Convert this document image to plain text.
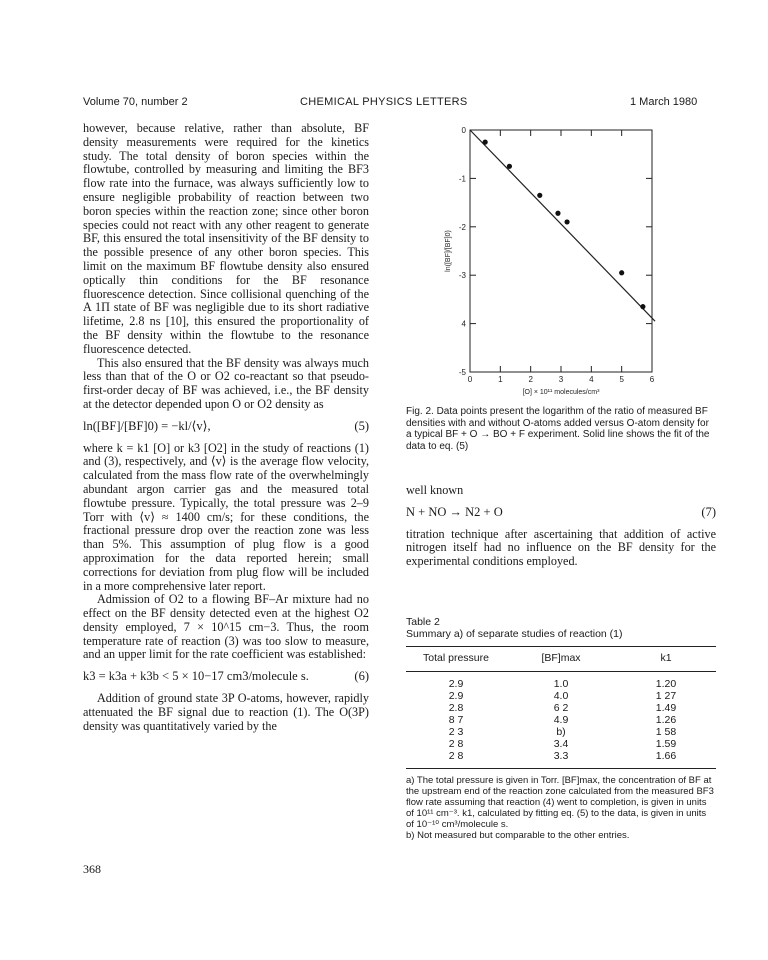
Volume 70, number 2	CHEMICAL PHYSICS LETTERS	1 March 1980

however, because relative, rather than absolute, BF density measurements were required for the kinetics study. The total density of boron species within the flowtube, controlled by measuring and limiting the BF3 flow rate into the furnace, was always sufficiently low to ensure negligible probability of reaction between two boron species within the reaction zone; since other boron species could not react with any other reagent to generate BF, this ensured the total insensitivity of the BF density to the possible presence of any other boron species. This limit on the maximum BF flowtube density also ensured optically thin conditions for the BF resonance fluorescence detection. Since collisional quenching of the A 1Π state of BF was negligible due to its short radiative lifetime, 2.8 ns [10], this ensured the proportionality of the BF density within the flowtube to the resonance fluorescence detected.

This also ensured that the BF density was always much less than that of the O or O2 co-reactant so that pseudo-first-order decay of BF was achieved, i.e., the BF density at the detector depended upon O or O2 density as

ln([BF]/[BF]0) = −kl/⟨v⟩,	(5)

where k = k1 [O] or k3 [O2] in the study of reactions (1) and (3), respectively, and ⟨v⟩ is the average flow velocity, calculated from the mass flow rate of the overwhelmingly abundant argon carrier gas and the measured total flowtube pressure. Typically, the total pressure was 2–9 Torr with ⟨v⟩ ≈ 1400 cm/s; for these conditions, the fractional pressure drop over the reaction zone was less than 5%. This assumption of plug flow is a good approximation for the data reported herein; small corrections for deviation from plug flow will be included in a more comprehensive later report.

Admission of O2 to a flowing BF–Ar mixture had no effect on the BF density detected even at the highest O2 density employed, 7 × 10^15 cm−3. Thus, the room temperature rate of reaction (3) was too slow to measure, and an upper limit for the rate coefficient was established:

k3 = k3a + k3b < 5 × 10−17 cm3/molecule s.	(6)

Addition of ground state 3P O-atoms, however, rapidly attenuated the BF signal due to reaction (1). The O(3P) density was quantitatively varied by the

0	1	2	3	4	5	6
0
-1
-2
-3
4
-5
ln([BF]/[BF]0)
[O] × 10¹¹ molecules/cm³
Fig. 2. Data points present the logarithm of the ratio of measured BF densities with and without O-atoms added versus O-atom density for a typical BF + O → BO + F experiment. Solid line shows the fit of the data to eq. (5)

well known

N + NO → N2 + O	(7)

titration technique after ascertaining that addition of active nitrogen itself had no influence on the BF density for the experimental conditions employed.

Table 2
Summary a) of separate studies of reaction (1)
Total pressure	[BF]max	k1
2.9	1.0	1.20
2.9	4.0	1 27
2.8	6 2	1.49
8 7	4.9	1.26
2 3	b)	1 58
2 8	3.4	1.59
2 8	3.3	1.66
a) The total pressure is given in Torr. [BF]max, the concentration of BF at the upstream end of the reaction zone calculated from the measured BF3 flow rate assuming that reaction (4) went to completion, is given in units of 10¹¹ cm⁻³. k1, calculated by fitting eq. (5) to the data, is given in units of 10⁻¹⁰ cm³/molecule s.
b) Not measured but comparable to the other entries.
368
